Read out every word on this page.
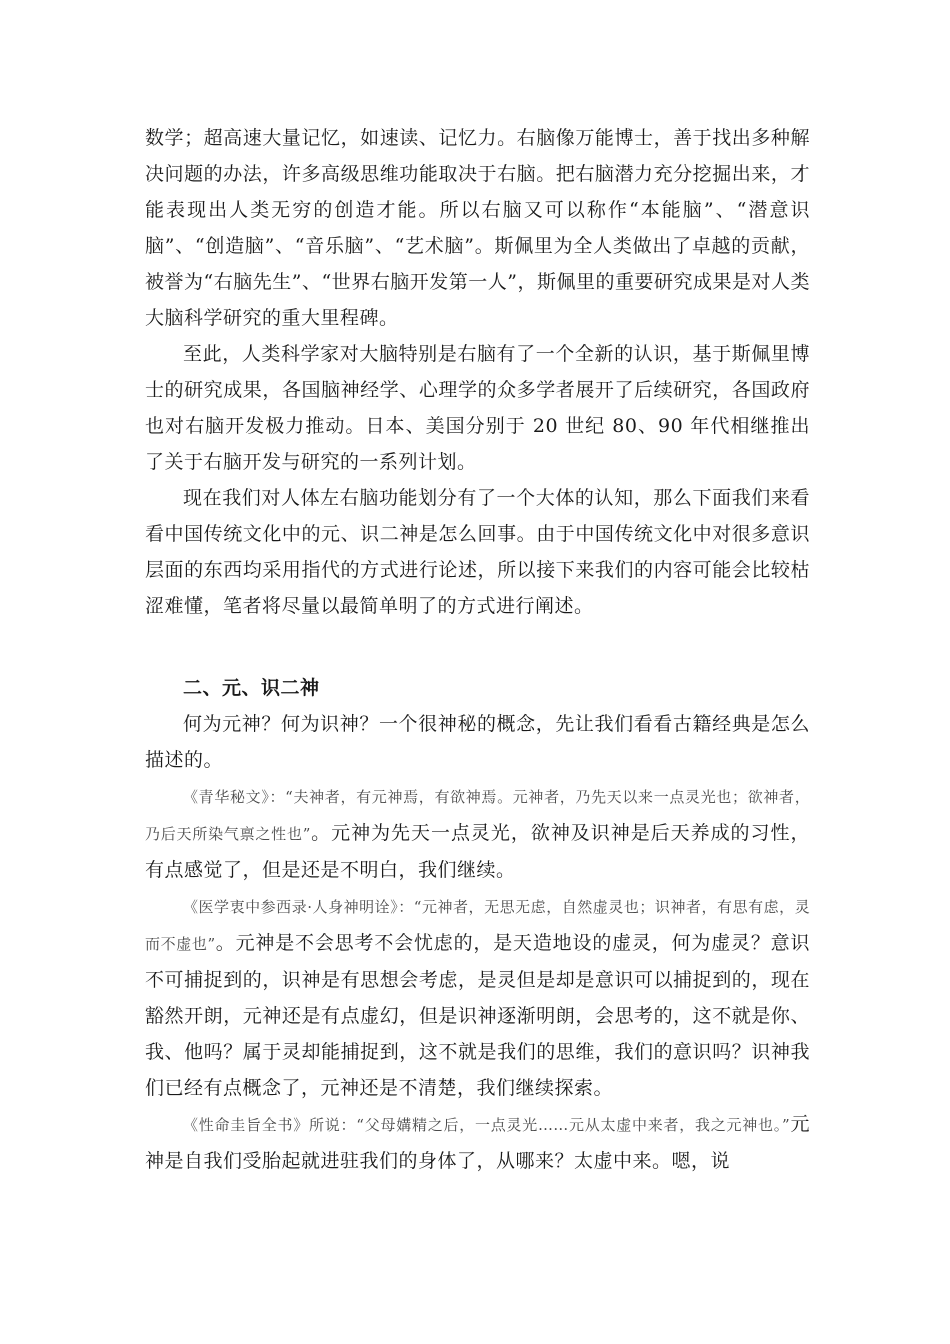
数学；超高速大量记忆，如速读、记忆力。右脑像万能博士，善于找出多种解决问题的办法，许多高级思维功能取决于右脑。把右脑潜力充分挖掘出来，才能表现出人类无穷的创造才能。所以右脑又可以称作“本能脑”、“潜意识脑”、“创造脑”、“音乐脑”、“艺术脑”。斯佩里为全人类做出了卓越的贡献，被誉为“右脑先生”、“世界右脑开发第一人”，斯佩里的重要研究成果是对人类大脑科学研究的重大里程碑。

至此，人类科学家对大脑特别是右脑有了一个全新的认识，基于斯佩里博士的研究成果，各国脑神经学、心理学的众多学者展开了后续研究，各国政府也对右脑开发极力推动。日本、美国分别于 20 世纪 80、90 年代相继推出了关于右脑开发与研究的一系列计划。

现在我们对人体左右脑功能划分有了一个大体的认知，那么下面我们来看看中国传统文化中的元、识二神是怎么回事。由于中国传统文化中对很多意识层面的东西均采用指代的方式进行论述，所以接下来我们的内容可能会比较枯涩难懂，笔者将尽量以最简单明了的方式进行阐述。

二、元、识二神

何为元神？何为识神？一个很神秘的概念，先让我们看看古籍经典是怎么描述的。

《青华秘文》：“夫神者，有元神焉，有欲神焉。元神者，乃先天以来一点灵光也；欲神者，乃后天所染气禀之性也”。元神为先天一点灵光，欲神及识神是后天养成的习性，有点感觉了，但是还是不明白，我们继续。

《医学衷中参西录·人身神明诠》：“元神者，无思无虑，自然虚灵也；识神者，有思有虑，灵而不虚也”。元神是不会思考不会忧虑的，是天造地设的虚灵，何为虚灵？意识不可捕捉到的，识神是有思想会考虑，是灵但是却是意识可以捕捉到的，现在豁然开朗，元神还是有点虚幻，但是识神逐渐明朗，会思考的，这不就是你、我、他吗？属于灵却能捕捉到，这不就是我们的思维，我们的意识吗？识神我们已经有点概念了，元神还是不清楚，我们继续探索。

《性命圭旨全书》所说：“父母媾精之后，一点灵光……元从太虚中来者，我之元神也。”元神是自我们受胎起就进驻我们的身体了，从哪来？太虚中来。嗯，说
